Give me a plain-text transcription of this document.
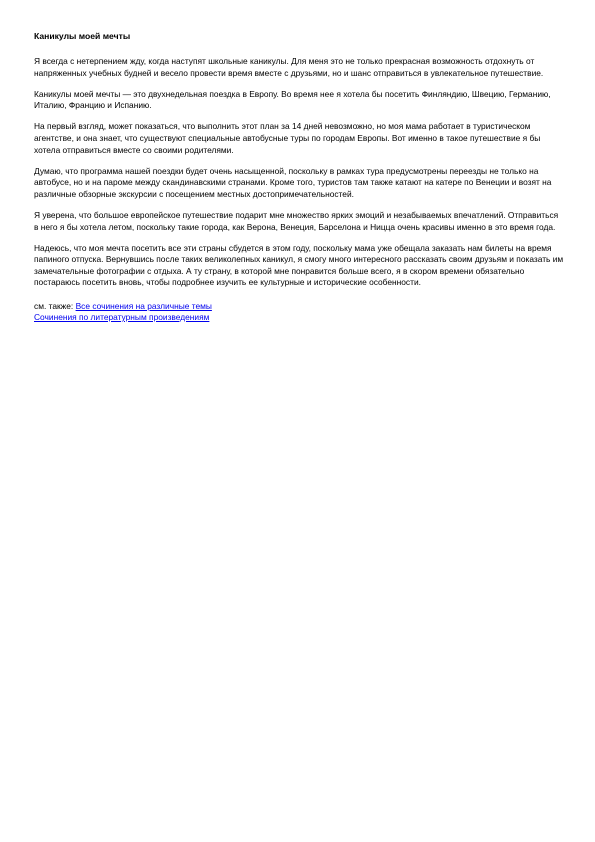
Каникулы моей мечты

Я всегда с нетерпением жду, когда наступят школьные каникулы. Для меня это не только прекрасная возможность отдохнуть от напряженных учебных будней и весело провести время вместе с друзьями, но и шанс отправиться в увлекательное путешествие.

Каникулы моей мечты — это двухнедельная поездка в Европу. Во время нее я хотела бы посетить Финляндию, Швецию, Германию, Италию, Францию и Испанию.

На первый взгляд, может показаться, что выполнить этот план за 14 дней невозможно, но моя мама работает в туристическом агентстве, и она знает, что существуют специальные автобусные туры по городам Европы. Вот именно в такое путешествие я бы хотела отправиться вместе со своими родителями.

Думаю, что программа нашей поездки будет очень насыщенной, поскольку в рамках тура предусмотрены переезды не только на автобусе, но и на пароме между скандинавскими странами. Кроме того, туристов там также катают на катере по Венеции и возят на различные обзорные экскурсии с посещением местных достопримечательностей.

Я уверена, что большое европейское путешествие подарит мне множество ярких эмоций и незабываемых впечатлений. Отправиться в него я бы хотела летом, поскольку такие города, как Верона, Венеция, Барселона и Ницца очень красивы именно в это время года.

Надеюсь, что моя мечта посетить все эти страны сбудется в этом году, поскольку мама уже обещала заказать нам билеты на время папиного отпуска. Вернувшись после таких великолепных каникул, я смогу много интересного рассказать своим друзьям и показать им замечательные фотографии с отдыха. А ту страну, в которой мне понравится больше всего, я в скором времени обязательно постараюсь посетить вновь, чтобы подробнее изучить ее культурные и исторические особенности.

см. также: Все сочинения на различные темы
Сочинения по литературным произведениям
